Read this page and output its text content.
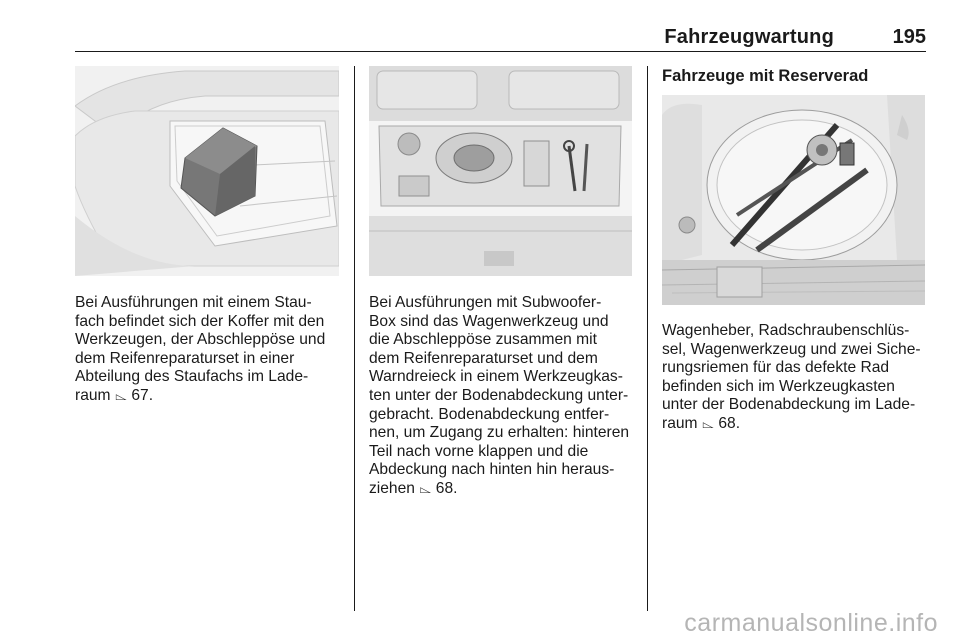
Fahrzeugwartung	195
Fahrzeuge mit Reserverad

Bei Ausführungen mit einem Stau-

fach befindet sich der Koffer mit den

Werkzeugen, der Abschleppöse und

dem Reifenreparaturset in einer

Abteilung des Staufachs im Lade-

raum ⌳ 67.

Bei Ausführungen mit Subwoofer-

Box sind das Wagenwerkzeug und

die Abschleppöse zusammen mit

dem Reifenreparaturset und dem

Warndreieck in einem Werkzeugkas-

ten unter der Bodenabdeckung unter-

gebracht. Bodenabdeckung entfer-

nen, um Zugang zu erhalten: hinteren

Teil nach vorne klappen und die

Abdeckung nach hinten hin heraus-

ziehen ⌳ 68.

Wagenheber, Radschraubenschlüs-

sel, Wagenwerkzeug und zwei Siche-

rungsriemen für das defekte Rad

befinden sich im Werkzeugkasten

unter der Bodenabdeckung im Lade-

raum ⌳ 68.

carmanualsonline.info
